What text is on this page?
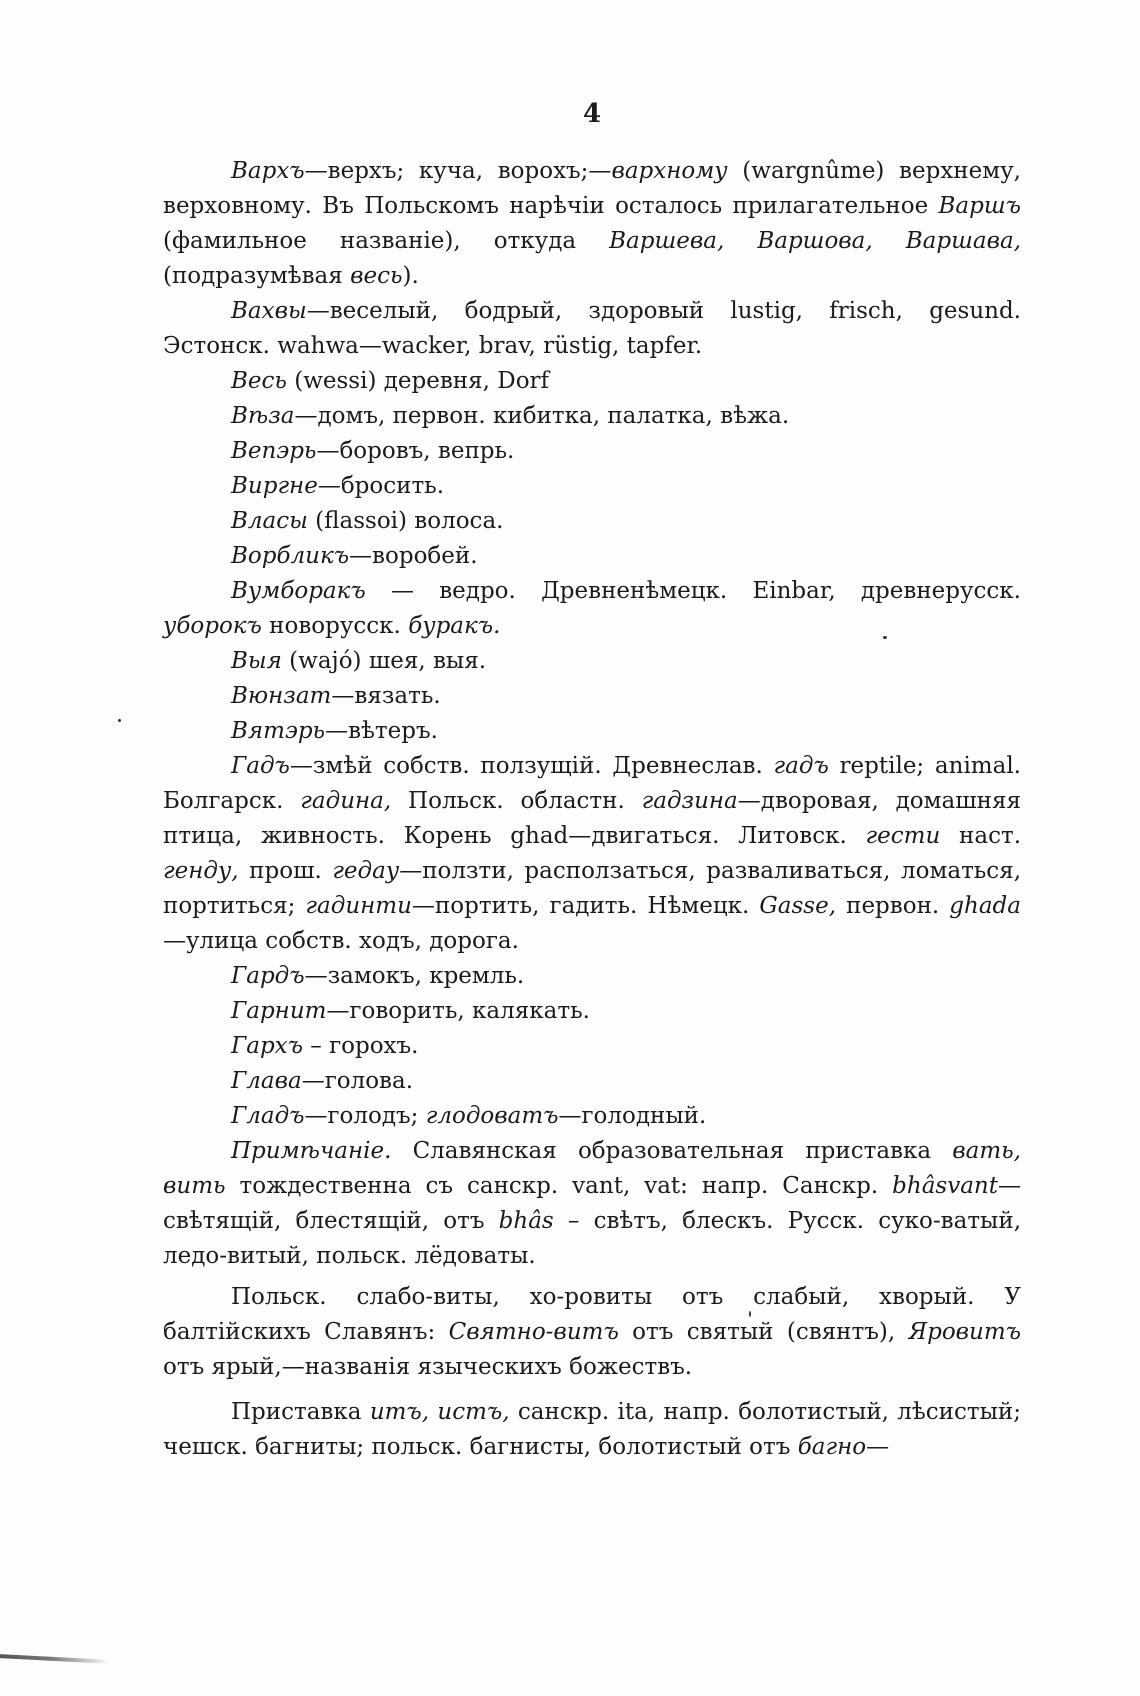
4

Вархъ—верхъ; куча, ворохъ;—вархному (wargnûme) верхнему, верховному. Въ Польскомъ нарѣчіи осталось прилагательное Варшъ (фамильное названіе), откуда Варшева, Варшова, Варшава, (подразумѣвая весь).

Вахвы—веселый, бодрый, здоровый lustig, frisch, gesund. Эстонск. wahwa—wacker, brav, rüstig, tapfer.

Весь (wessi) деревня, Dorf

Вѣза—домъ, первон. кибитка, палатка, вѣжа.

Вепэрь—боровъ, вепрь.

Виргне—бросить.

Власы (flassoi) волоса.

Ворбликъ—воробей.

Вумборакъ — ведро. Древненѣмецк. Einbar, древнерусск. уборокъ новорусск. буракъ.

Выя (wajó) шея, выя.

Вюнзат—вязать.

Вятэрь—вѣтеръ.

Гадъ—змѣй собств. ползущій. Древнеслав. гадъ reptile; animal. Болгарск. гадина, Польск. областн. гадзина—дворовая, домашняя птица, живность. Корень ghad—двигаться. Литовск. гести наст. генду, прош. гедау—ползти, расползаться, разваливаться, ломаться, портиться; гадинти—портить, гадить. Нѣмецк. Gasse, первон. ghada—улица собств. ходъ, дорога.

Гардъ—замокъ, кремль.

Гарнит—говорить, калякать.

Гархъ – горохъ.

Глава—голова.

Гладъ—голодъ; глодоватъ—голодный.

Примѣчаніе. Славянская образовательная приставка вать, вить тождественна съ санскр. vant, vat: напр. Санскр. bhâsvant—свѣтящій, блестящій, отъ bhâs – свѣтъ, блескъ. Русск. суко-ватый, ледо-витый, польск. лёдоваты.

Польск. слабо-виты, хо-ровиты отъ слабый, хворый. У балтійскихъ Славянъ: Святно-витъ отъ святый (свянтъ), Яровитъ отъ ярый,—названія языческихъ божествъ.

Приставка итъ, истъ, санскр. ita, напр. болотистый, лѣсистый; чешск. багниты; польск. багнисты, болотистый отъ багно—
